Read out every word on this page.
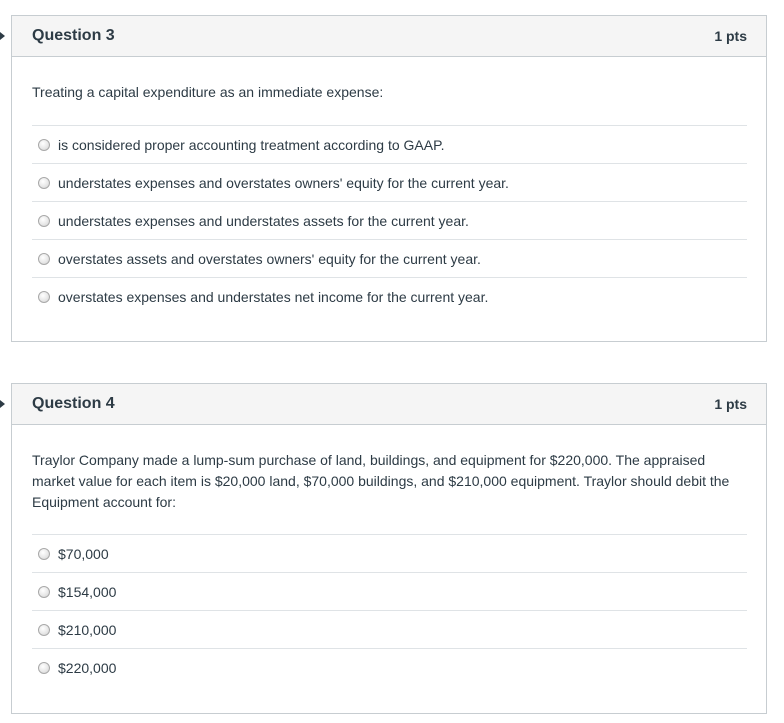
Question 3	1 pts
Treating a capital expenditure as an immediate expense:
is considered proper accounting treatment according to GAAP.
understates expenses and overstates owners' equity for the current year.
understates expenses and understates assets for the current year.
overstates assets and overstates owners' equity for the current year.
overstates expenses and understates net income for the current year.
Question 4	1 pts
Traylor Company made a lump-sum purchase of land, buildings, and equipment for $220,000. The appraised market value for each item is $20,000 land, $70,000 buildings, and $210,000 equipment. Traylor should debit the Equipment account for:
$70,000
$154,000
$210,000
$220,000
